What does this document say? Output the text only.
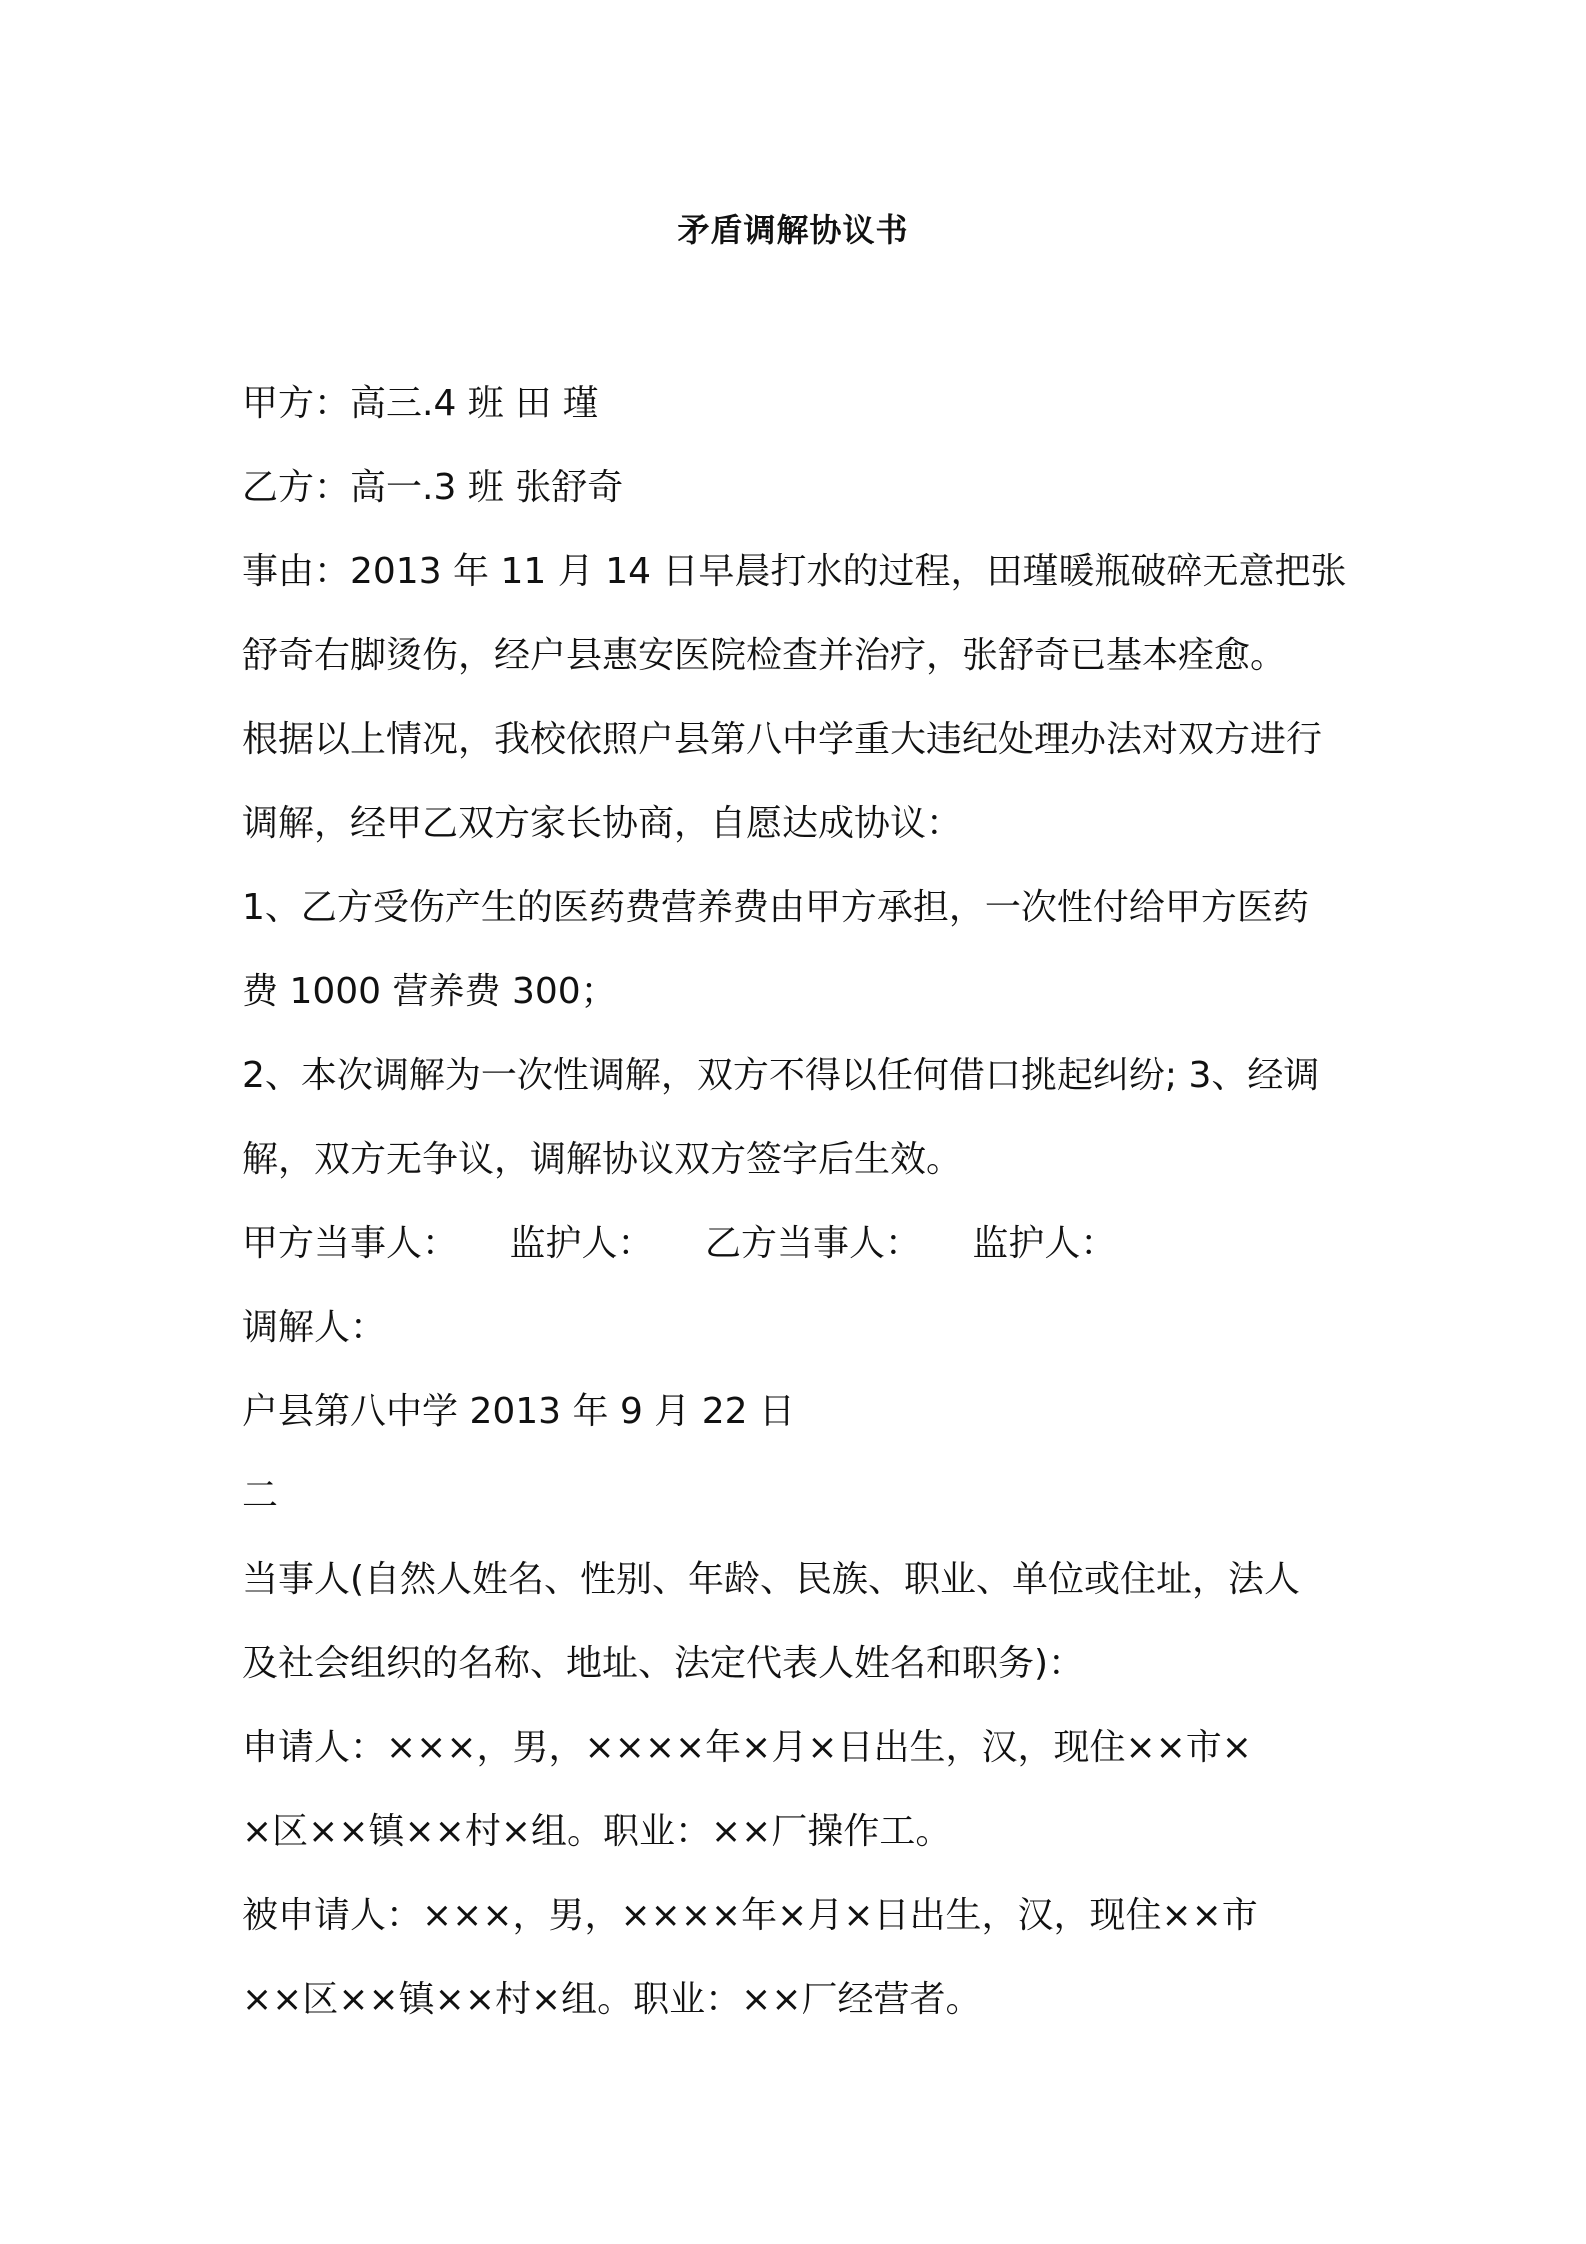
矛盾调解协议书
甲方：高三.4 班 田 瑾
乙方：高一.3 班 张舒奇
事由：2013 年 11 月 14 日早晨打水的过程，田瑾暖瓶破碎无意把张
舒奇右脚烫伤，经户县惠安医院检查并治疗，张舒奇已基本痊愈。
根据以上情况，我校依照户县第八中学重大违纪处理办法对双方进行
调解，经甲乙双方家长协商，自愿达成协议：
1、乙方受伤产生的医药费营养费由甲方承担，一次性付给甲方医药
费 1000 营养费 300；
2、本次调解为一次性调解，双方不得以任何借口挑起纠纷; 3、经调
解，双方无争议，调解协议双方签字后生效。
甲方当事人： 监护人： 乙方当事人： 监护人：
调解人：
户县第八中学 2013 年 9 月 22 日
二
当事人(自然人姓名、性别、年龄、民族、职业、单位或住址，法人
及社会组织的名称、地址、法定代表人姓名和职务)：
申请人：×××，男，××××年×月×日出生，汉，现住××市×
×区××镇××村×组。职业：××厂操作工。
被申请人：×××，男，××××年×月×日出生，汉，现住××市
××区××镇××村×组。职业：××厂经营者。
